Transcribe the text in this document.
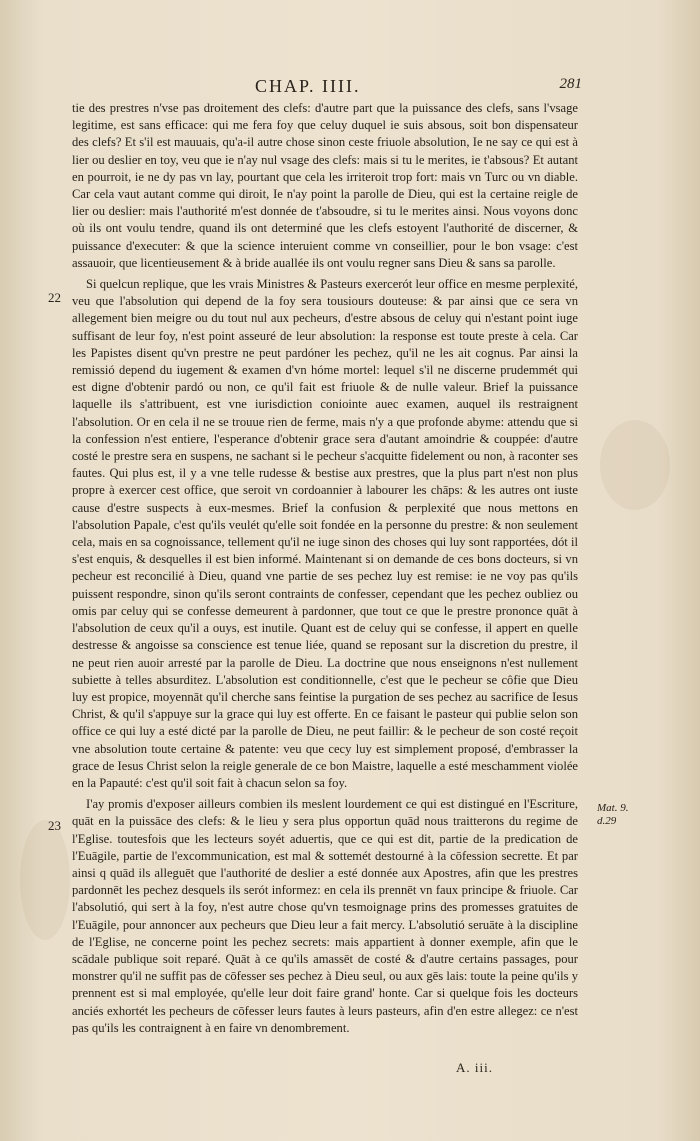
CHAP. IIII.	281
22
23
Mat. 9.
d.29

tie des prestres n'vse pas droitement des clefs: d'autre part que la puissance des clefs, sans l'vsage legitime, est sans efficace: qui me fera foy que celuy duquel ie suis absous, soit bon dispensateur des clefs? Et s'il est mauuais, qu'a-il autre chose sinon ceste friuole absolution, Ie ne say ce qui est à lier ou deslier en toy, veu que ie n'ay nul vsage des clefs: mais si tu le merites, ie t'absous? Et autant en pourroit, ie ne dy pas vn lay, pourtant que cela les irriteroit trop fort: mais vn Turc ou vn diable. Car cela vaut autant comme qui diroit, Ie n'ay point la parolle de Dieu, qui est la certaine reigle de lier ou deslier: mais l'authorité m'est donnée de t'absoudre, si tu le merites ainsi. Nous voyons donc où ils ont voulu tendre, quand ils ont determiné que les clefs estoyent l'authorité de discerner, & puissance d'executer: & que la science interuient comme vn conseillier, pour le bon vsage: c'est assauoir, que licentieusement & à bride auallée ils ont voulu regner sans Dieu & sans sa parolle.

Si quelcun replique, que les vrais Ministres & Pasteurs exercerót leur office en mesme perplexité, veu que l'absolution qui depend de la foy sera tousiours douteuse: & par ainsi que ce sera vn allegement bien meigre ou du tout nul aux pecheurs, d'estre absous de celuy qui n'estant point iuge suffisant de leur foy, n'est point asseuré de leur absolution: la response est toute preste à cela. Car les Papistes disent qu'vn prestre ne peut pardóner les pechez, qu'il ne les ait cognus. Par ainsi la remissió depend du iugement & examen d'vn hóme mortel: lequel s'il ne discerne prudemmét qui est digne d'obtenir pardó ou non, ce qu'il fait est friuole & de nulle valeur. Brief la puissance laquelle ils s'attribuent, est vne iurisdiction coniointe auec examen, auquel ils restraignent l'absolution. Or en cela il ne se trouue rien de ferme, mais n'y a que profonde abyme: attendu que si la confession n'est entiere, l'esperance d'obtenir grace sera d'autant amoindrie & couppée: d'autre costé le prestre sera en suspens, ne sachant si le pecheur s'acquitte fidelement ou non, à raconter ses fautes. Qui plus est, il y a vne telle rudesse & bestise aux prestres, que la plus part n'est non plus propre à exercer cest office, que seroit vn cordoannier à labourer les chāps: & les autres ont iuste cause d'estre suspects à eux-mesmes. Brief la confusion & perplexité que nous mettons en l'absolution Papale, c'est qu'ils veulét qu'elle soit fondée en la personne du prestre: & non seulement cela, mais en sa cognoissance, tellement qu'il ne iuge sinon des choses qui luy sont rapportées, dót il s'est enquis, & desquelles il est bien informé. Maintenant si on demande de ces bons docteurs, si vn pecheur est reconcilié à Dieu, quand vne partie de ses pechez luy est remise: ie ne voy pas qu'ils puissent respondre, sinon qu'ils seront contraints de confesser, cependant que les pechez oubliez ou omis par celuy qui se confesse demeurent à pardonner, que tout ce que le prestre prononce quāt à l'absolution de ceux qu'il a ouys, est inutile. Quant est de celuy qui se confesse, il appert en quelle destresse & angoisse sa conscience est tenue liée, quand se reposant sur la discretion du prestre, il ne peut rien auoir arresté par la parolle de Dieu. La doctrine que nous enseignons n'est nullement subiette à telles absurditez. L'absolution est conditionnelle, c'est que le pecheur se côfie que Dieu luy est propice, moyennāt qu'il cherche sans feintise la purgation de ses pechez au sacrifice de Iesus Christ, & qu'il s'appuye sur la grace qui luy est offerte. En ce faisant le pasteur qui publie selon son office ce qui luy a esté dicté par la parolle de Dieu, ne peut faillir: & le pecheur de son costé reçoit vne absolution toute certaine & patente: veu que cecy luy est simplement proposé, d'embrasser la grace de Iesus Christ selon la reigle generale de ce bon Maistre, laquelle a esté meschamment violée en la Papauté: c'est qu'il soit fait à chacun selon sa foy.

I'ay promis d'exposer ailleurs combien ils meslent lourdement ce qui est distingué en l'Escriture, quāt en la puissāce des clefs: & le lieu y sera plus opportun quād nous traitterons du regime de l'Eglise. toutesfois que les lecteurs soyét aduertis, que ce qui est dit, partie de la predication de l'Euāgile, partie de l'excommunication, est mal & sottemét destourné à la cōfession secrette. Et par ainsi q quād ils alleguēt que l'authorité de deslier a esté donnée aux Apostres, afin que les prestres pardonnēt les pechez desquels ils serót informez: en cela ils prennēt vn faux principe & friuole. Car l'absolutió, qui sert à la foy, n'est autre chose qu'vn tesmoignage prins des promesses gratuites de l'Euāgile, pour annoncer aux pecheurs que Dieu leur a fait mercy. L'absolutió seruāte à la discipline de l'Eglise, ne concerne point les pechez secrets: mais appartient à donner exemple, afin que le scādale publique soit reparé. Quāt à ce qu'ils amassēt de costé & d'autre certains passages, pour monstrer qu'il ne suffit pas de cōfesser ses pechez à Dieu seul, ou aux gēs lais: toute la peine qu'ils y prennent est si mal employée, qu'elle leur doit faire grand' honte. Car si quelque fois les docteurs anciés exhortét les pecheurs de cōfesser leurs fautes à leurs pasteurs, afin d'en estre allegez: ce n'est pas qu'ils les contraignent à en faire vn denombrement.

A. iii.
